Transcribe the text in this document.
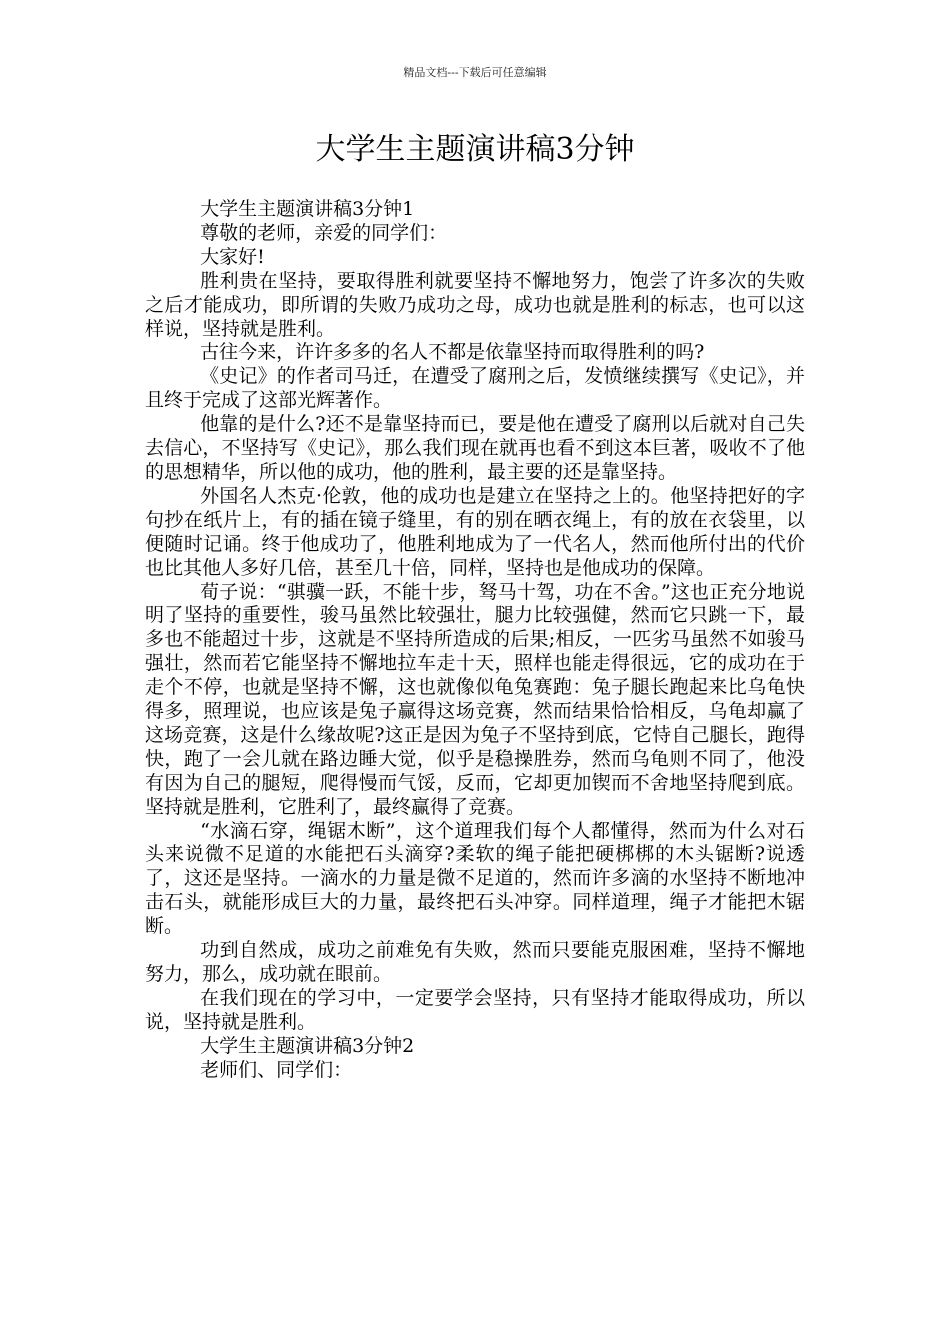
精品文档---下载后可任意编辑
大学生主题演讲稿3分钟

大学生主题演讲稿3分钟1

尊敬的老师，亲爱的同学们：

大家好!

胜利贵在坚持，要取得胜利就要坚持不懈地努力，饱尝了许多次的失败之后才能成功，即所谓的失败乃成功之母，成功也就是胜利的标志，也可以这样说，坚持就是胜利。

古往今来，许许多多的名人不都是依靠坚持而取得胜利的吗?

《史记》的作者司马迁，在遭受了腐刑之后，发愤继续撰写《史记》，并且终于完成了这部光辉著作。

他靠的是什么?还不是靠坚持而已，要是他在遭受了腐刑以后就对自己失去信心，不坚持写《史记》，那么我们现在就再也看不到这本巨著，吸收不了他的思想精华，所以他的成功，他的胜利，最主要的还是靠坚持。

外国名人杰克·伦敦，他的成功也是建立在坚持之上的。他坚持把好的字句抄在纸片上，有的插在镜子缝里，有的别在晒衣绳上，有的放在衣袋里，以便随时记诵。终于他成功了，他胜利地成为了一代名人，然而他所付出的代价也比其他人多好几倍，甚至几十倍，同样，坚持也是他成功的保障。

荀子说：“骐骥一跃，不能十步，驽马十驾，功在不舍。”这也正充分地说明了坚持的重要性，骏马虽然比较强壮，腿力比较强健，然而它只跳一下，最多也不能超过十步，这就是不坚持所造成的后果;相反，一匹劣马虽然不如骏马强壮，然而若它能坚持不懈地拉车走十天，照样也能走得很远，它的成功在于走个不停，也就是坚持不懈，这也就像似龟兔赛跑：兔子腿长跑起来比乌龟快得多，照理说，也应该是兔子赢得这场竞赛，然而结果恰恰相反，乌龟却赢了这场竞赛，这是什么缘故呢?这正是因为兔子不坚持到底，它恃自己腿长，跑得快，跑了一会儿就在路边睡大觉，似乎是稳操胜券，然而乌龟则不同了，他没有因为自己的腿短，爬得慢而气馁，反而，它却更加锲而不舍地坚持爬到底。坚持就是胜利，它胜利了，最终赢得了竞赛。

“水滴石穿，绳锯木断”，这个道理我们每个人都懂得，然而为什么对石头来说微不足道的水能把石头滴穿?柔软的绳子能把硬梆梆的木头锯断?说透了，这还是坚持。一滴水的力量是微不足道的，然而许多滴的水坚持不断地冲击石头，就能形成巨大的力量，最终把石头冲穿。同样道理，绳子才能把木锯断。

功到自然成，成功之前难免有失败，然而只要能克服困难，坚持不懈地努力，那么，成功就在眼前。

在我们现在的学习中，一定要学会坚持，只有坚持才能取得成功，所以说，坚持就是胜利。

大学生主题演讲稿3分钟2

老师们、同学们：
